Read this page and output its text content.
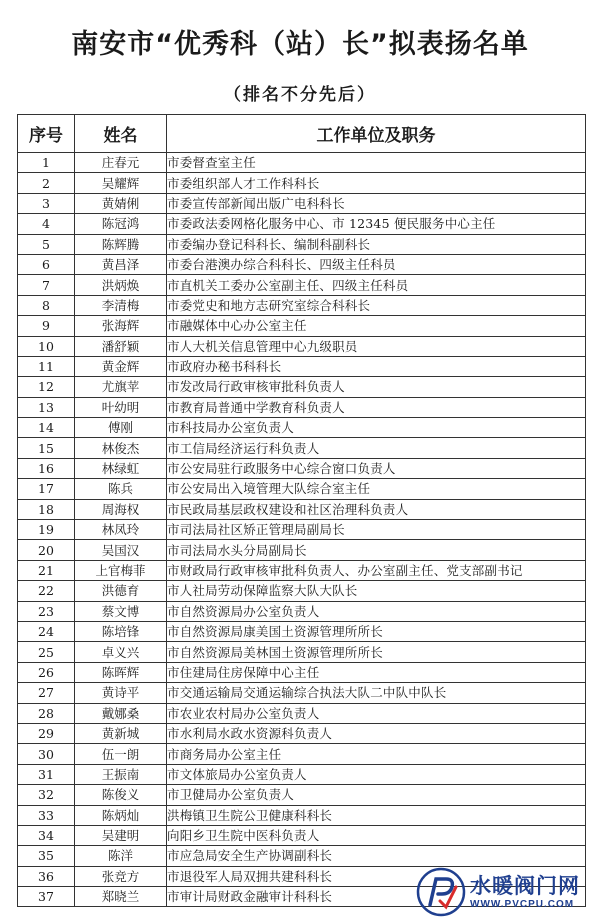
南安市“优秀科（站）长”拟表扬名单
（排名不分先后）
序号	姓名	工作单位及职务
1	庄春元	市委督查室主任
2	吴耀辉	市委组织部人才工作科科长
3	黄婧俐	市委宣传部新闻出版广电科科长
4	陈冠鸿	市委政法委网格化服务中心、市 12345 便民服务中心主任
5	陈辉腾	市委编办登记科科长、编制科副科长
6	黄昌泽	市委台港澳办综合科科长、四级主任科员
7	洪炳焕	市直机关工委办公室副主任、四级主任科员
8	李清梅	市委党史和地方志研究室综合科科长
9	张海辉	市融媒体中心办公室主任
10	潘舒颖	市人大机关信息管理中心九级职员
11	黄金辉	市政府办秘书科科长
12	尤旗苹	市发改局行政审核审批科负责人
13	叶幼明	市教育局普通中学教育科负责人
14	傅刚	市科技局办公室负责人
15	林俊杰	市工信局经济运行科负责人
16	林绿虹	市公安局驻行政服务中心综合窗口负责人
17	陈兵	市公安局出入境管理大队综合室主任
18	周海权	市民政局基层政权建设和社区治理科负责人
19	林凤玲	市司法局社区矫正管理局副局长
20	吴国汉	市司法局水头分局副局长
21	上官梅菲	市财政局行政审核审批科负责人、办公室副主任、党支部副书记
22	洪德育	市人社局劳动保障监察大队大队长
23	蔡文博	市自然资源局办公室负责人
24	陈培锋	市自然资源局康美国土资源管理所所长
25	卓义兴	市自然资源局美林国土资源管理所所长
26	陈晖辉	市住建局住房保障中心主任
27	黄诗平	市交通运输局交通运输综合执法大队二中队中队长
28	戴娜桑	市农业农村局办公室负责人
29	黄新城	市水利局水政水资源科负责人
30	伍一朗	市商务局办公室主任
31	王振南	市文体旅局办公室负责人
32	陈俊义	市卫健局办公室负责人
33	陈炳灿	洪梅镇卫生院公卫健康科科长
34	吴建明	向阳乡卫生院中医科负责人
35	陈洋	市应急局安全生产协调副科长
36	张竞方	市退役军人局双拥共建科科长
37	郑晓兰	市审计局财政金融审计科科长	水暖阀门网
WWW.PVCPU.COM
